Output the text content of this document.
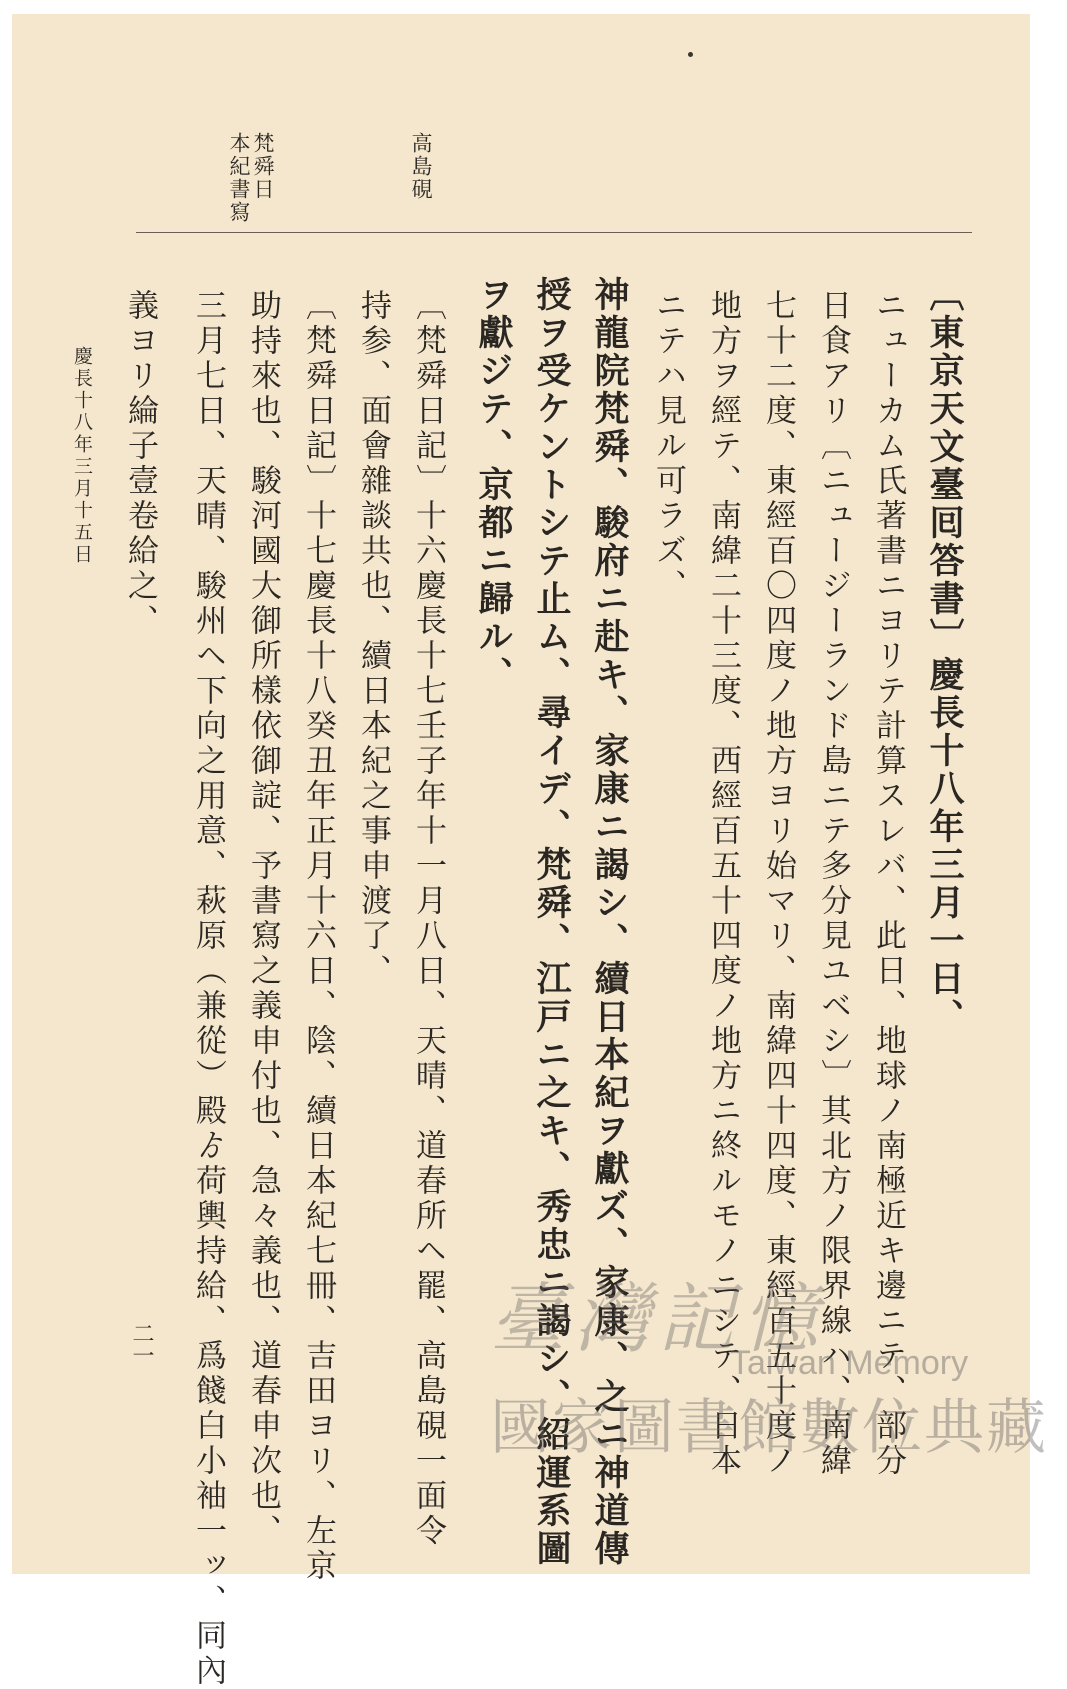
高島硯
梵舜日
本紀書寫
〔東京天文臺囘答書〕慶長十八年三月一日、
ニューカム氏著書ニヨリテ計算スレバ、此日、地球ノ南極近キ邊ニテ、部分
日食アリ〔ニュージーランド島ニテ多分見ユベシ〕其北方ノ限界線ハ、南緯
七十二度、東經百〇四度ノ地方ヨリ始マリ、南緯四十四度、東經百五十度ノ
地方ヲ經テ、南緯二十三度、西經百五十四度ノ地方ニ終ルモノニシテ、日本
ニテハ見ル可ラズ、
神龍院梵舜、駿府ニ赴キ、家康ニ謁シ、續日本紀ヲ獻ズ、家康、之ニ神道傳
授ヲ受ケントシテ止ム、尋イデ、梵舜、江戸ニ之キ、秀忠ニ謁シ、紹運系圖
ヲ獻ジテ、京都ニ歸ル、
〔梵舜日記〕十六慶長十七壬子年十一月八日、天晴、道春所ヘ罷、高島硯一面令
持参、面會雜談共也、續日本紀之事申渡了、
〔梵舜日記〕十七慶長十八癸丑年正月十六日、陰、續日本紀七冊、吉田ヨリ、左京
助持來也、駿河國大御所樣依御諚、予書寫之義申付也、急々義也、道春申次也、
三月七日、天晴、駿州ヘ下向之用意、萩原（兼從）殿ゟ荷輿持給、爲餞白小袖一ッ、同內
義ヨリ綸子壹卷給之、
慶長十八年三月十五日
二一	臺灣記憶
Taiwan Memory
國家圖書館數位典藏
